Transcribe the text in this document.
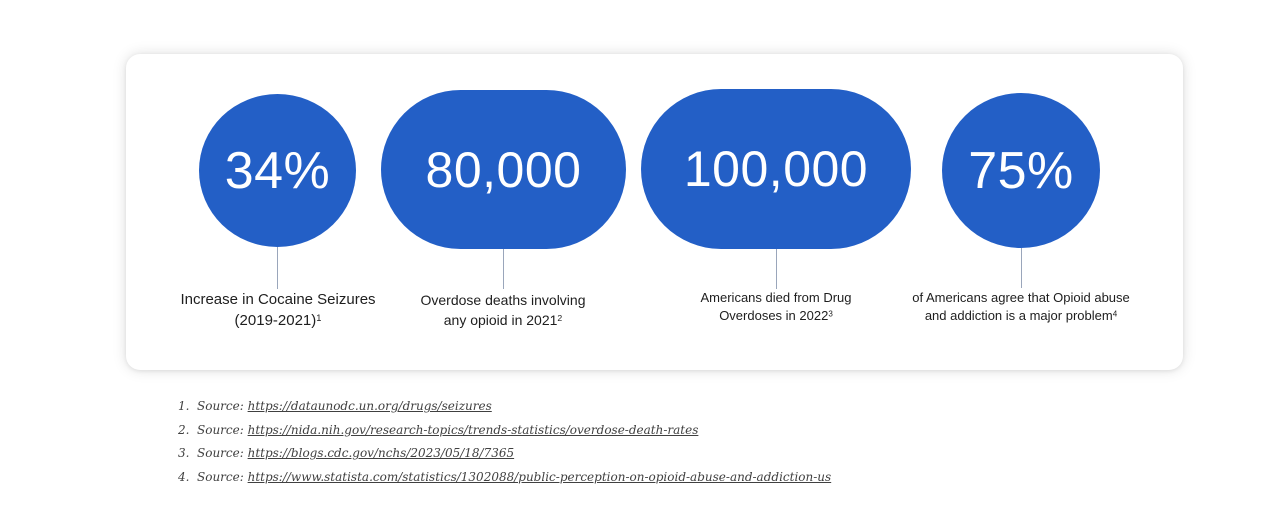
34%
Increase in Cocaine Seizures (2019-2021)$^1$
80,000
Overdose deaths involving
any opioid in 2021$^2$
100,000
Americans died from Drug
Overdoses in 2022$^3$
75%
of Americans agree that Opioid abuse
and addiction is a major problem$^4$
1. Source: https://dataunodc.un.org/drugs/seizures
2. Source: https://nida.nih.gov/research-topics/trends-statistics/overdose-death-rates
3. Source: https://blogs.cdc.gov/nchs/2023/05/18/7365
4. Source: https://www.statista.com/statistics/1302088/public-perception-on-opioid-abuse-and-addiction-us
